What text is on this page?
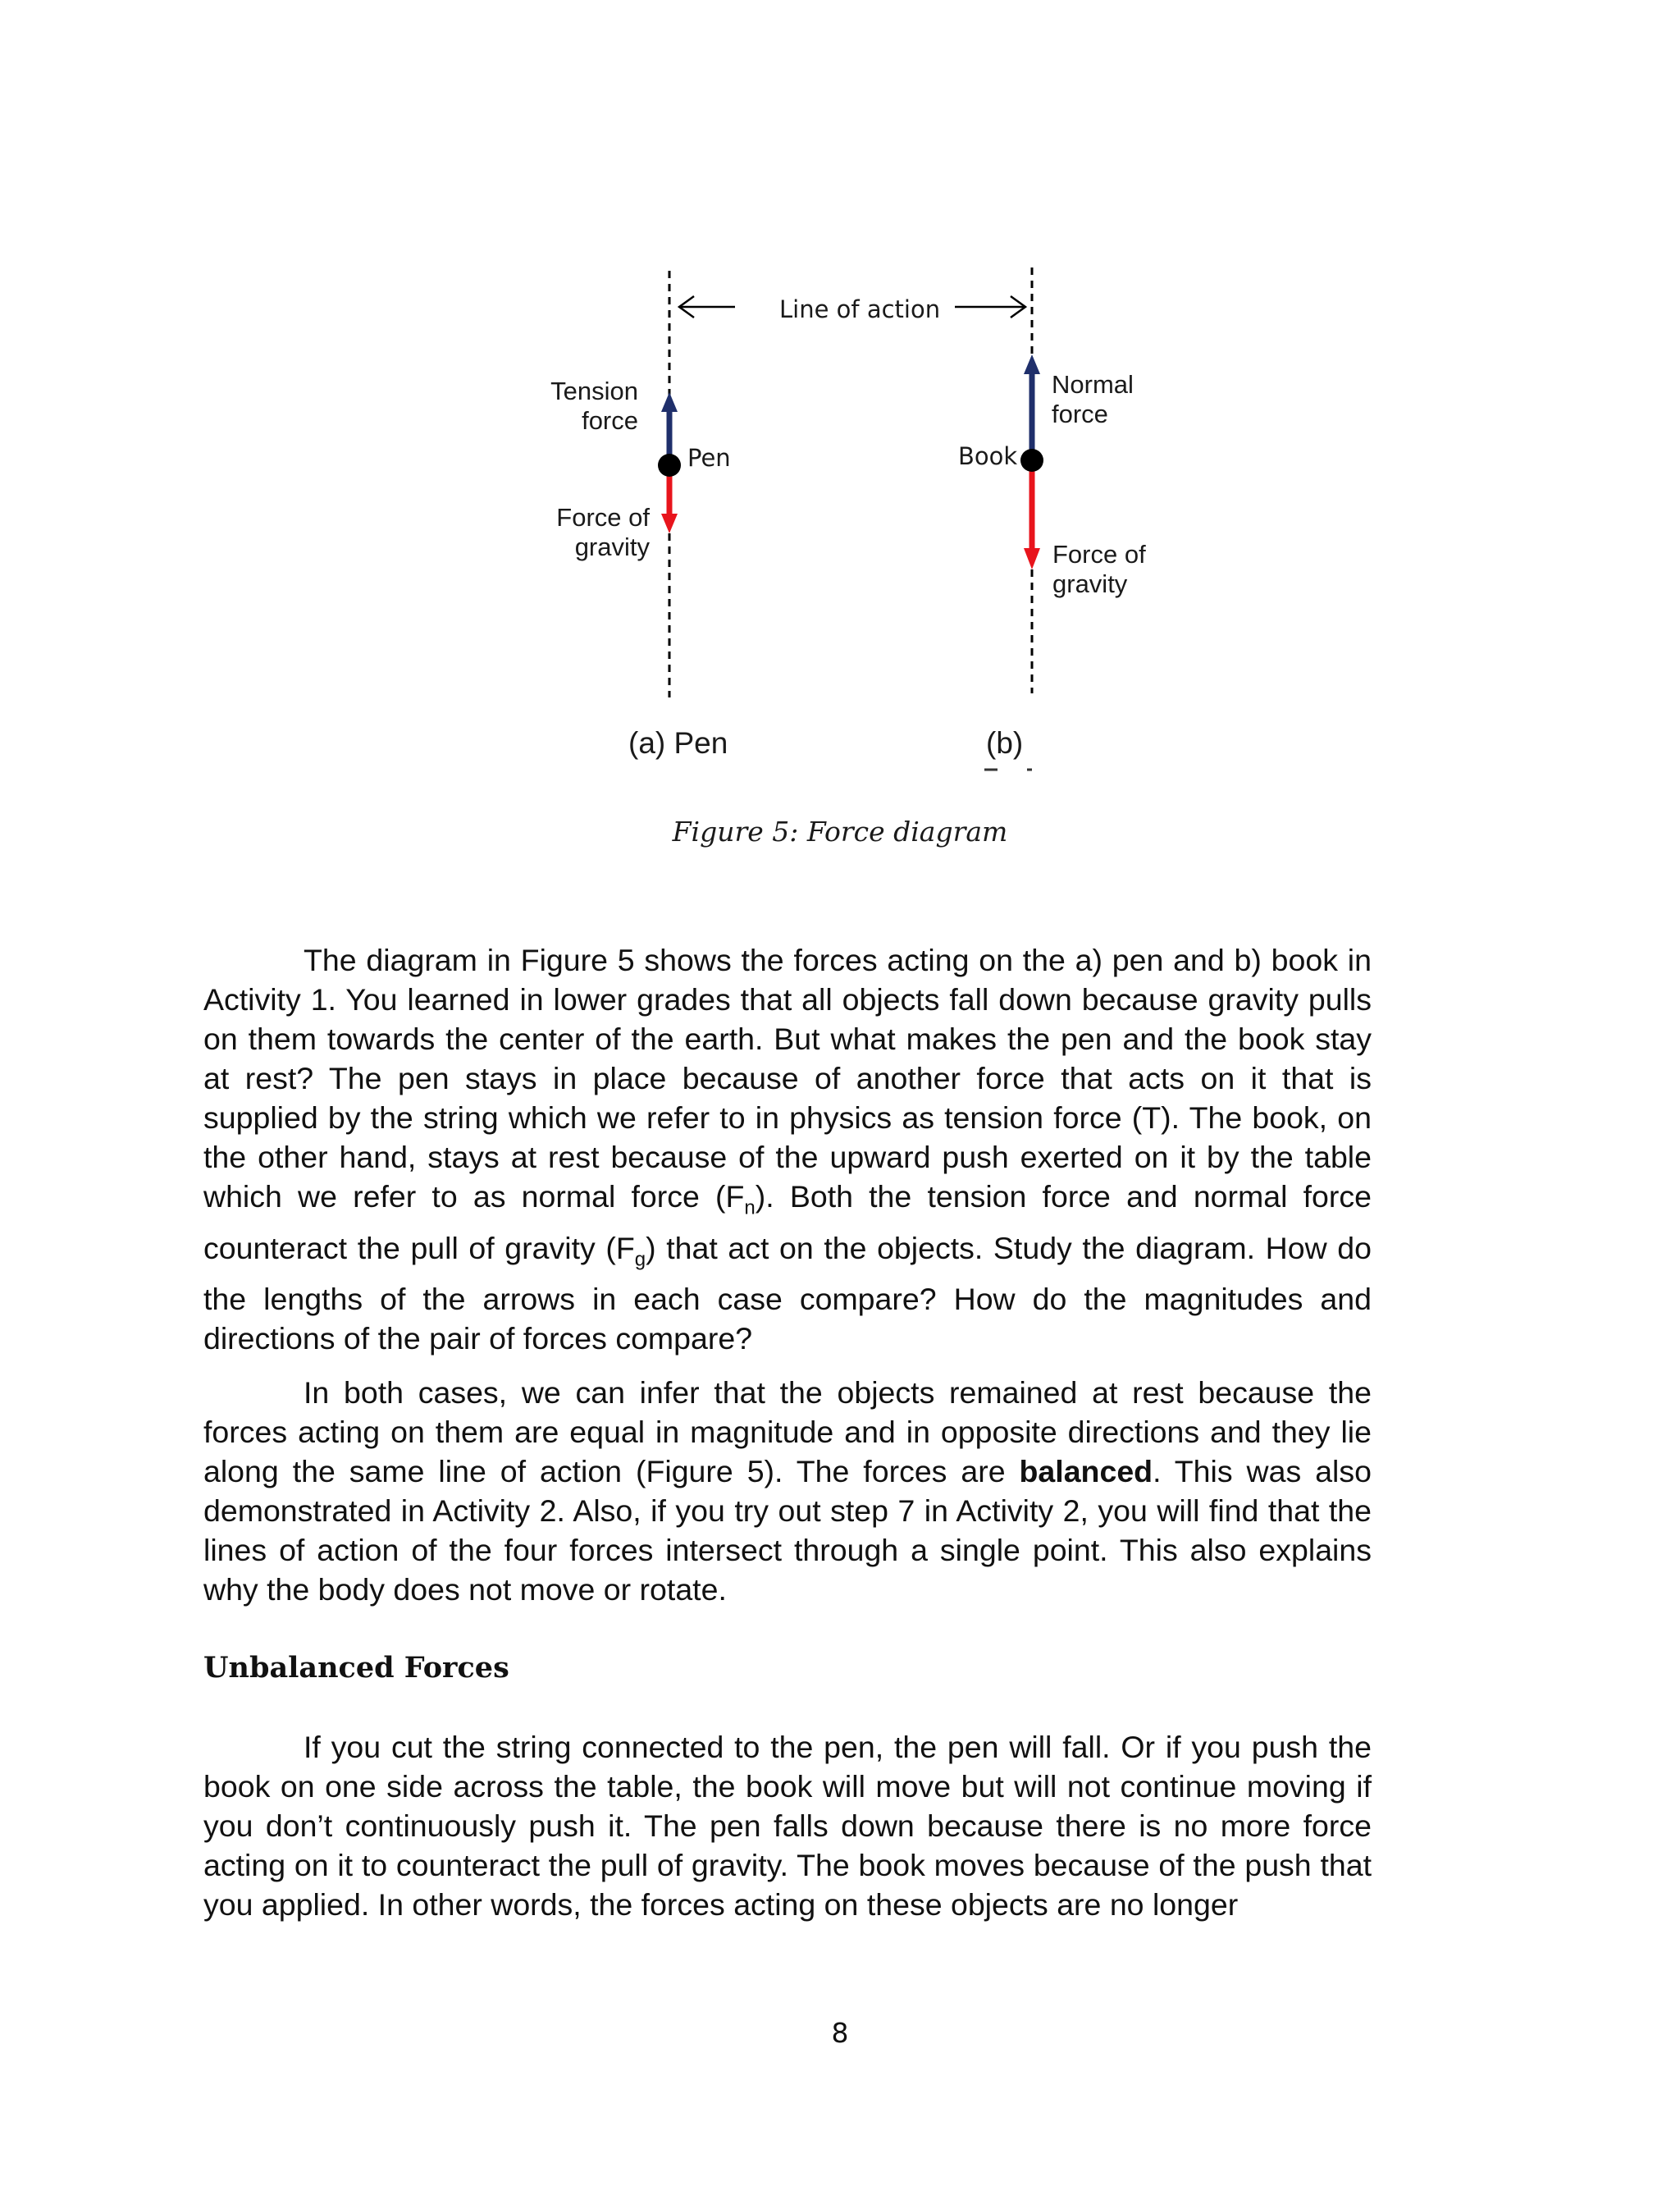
Line of action
Tension
force
Pen
Force of
gravity
(a) Pen
Normal
force
Book
Force of
gravity
(b)
Figure 5: Force diagram

The diagram in Figure 5 shows the forces acting on the a) pen and b) book in Activity 1. You learned in lower grades that all objects fall down because gravity pulls on them towards the center of the earth. But what makes the pen and the book stay at rest? The pen stays in place because of another force that acts on it that is supplied by the string which we refer to in physics as tension force (T). The book, on the other hand, stays at rest because of the upward push exerted on it by the table which we refer to as normal force $(F_n)$. Both the tension force and normal force counteract the pull of gravity $(F_g)$ that act on the objects. Study the diagram. How do the lengths of the arrows in each case compare? How do the magnitudes and directions of the pair of forces compare?

In both cases, we can infer that the objects remained at rest because the forces acting on them are equal in magnitude and in opposite directions and they lie along the same line of action (Figure 5). The forces are balanced. This was also demonstrated in Activity 2. Also, if you try out step 7 in Activity 2, you will find that the lines of action of the four forces intersect through a single point. This also explains why the body does not move or rotate.

Unbalanced Forces

If you cut the string connected to the pen, the pen will fall. Or if you push the book on one side across the table, the book will move but will not continue moving if you don’t continuously push it. The pen falls down because there is no more force acting on it to counteract the pull of gravity. The book moves because of the push that you applied. In other words, the forces acting on these objects are no longer

8
